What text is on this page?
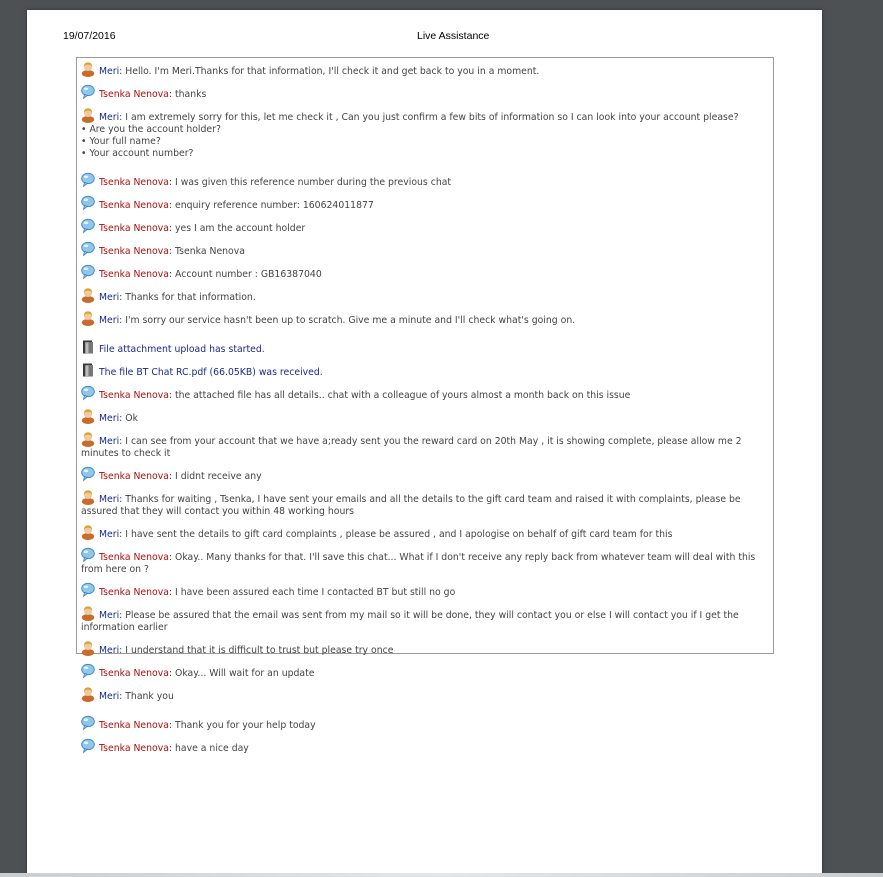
19/07/2016	Live Assistance
Meri: Hello. I'm Meri.Thanks for that information, I'll check it and get back to you in a moment.
Tsenka Nenova: thanks
Meri: I am extremely sorry for this, let me check it , Can you just confirm a few bits of information so I can look into your account please?
• Are you the account holder?
• Your full name?
• Your account number?
Tsenka Nenova: I was given this reference number during the previous chat
Tsenka Nenova: enquiry reference number: 160624011877
Tsenka Nenova: yes I am the account holder
Tsenka Nenova: Tsenka Nenova
Tsenka Nenova: Account number : GB16387040
Meri: Thanks for that information.
Meri: I'm sorry our service hasn't been up to scratch. Give me a minute and I'll check what's going on.
File attachment upload has started.
The file BT Chat RC.pdf (66.05KB) was received.
Tsenka Nenova: the attached file has all details.. chat with a colleague of yours almost a month back on this issue
Meri: Ok
Meri: I can see from your account that we have a;ready sent you the reward card on 20th May , it is showing complete, please allow me 2 minutes to check it
Tsenka Nenova: I didnt receive any
Meri: Thanks for waiting , Tsenka, I have sent your emails and all the details to the gift card team and raised it with complaints, please be assured that they will contact you within 48 working hours
Meri: I have sent the details to gift card complaints , please be assured , and I apologise on behalf of gift card team for this
Tsenka Nenova: Okay.. Many thanks for that. I'll save this chat... What if I don't receive any reply back from whatever team will deal with this from here on ?
Tsenka Nenova: I have been assured each time I contacted BT but still no go
Meri: Please be assured that the email was sent from my mail so it will be done, they will contact you or else I will contact you if I get the information earlier
Meri: I understand that it is difficult to trust but please try once
Tsenka Nenova: Okay... Will wait for an update
Meri: Thank you
Tsenka Nenova: Thank you for your help today
Tsenka Nenova: have a nice day
